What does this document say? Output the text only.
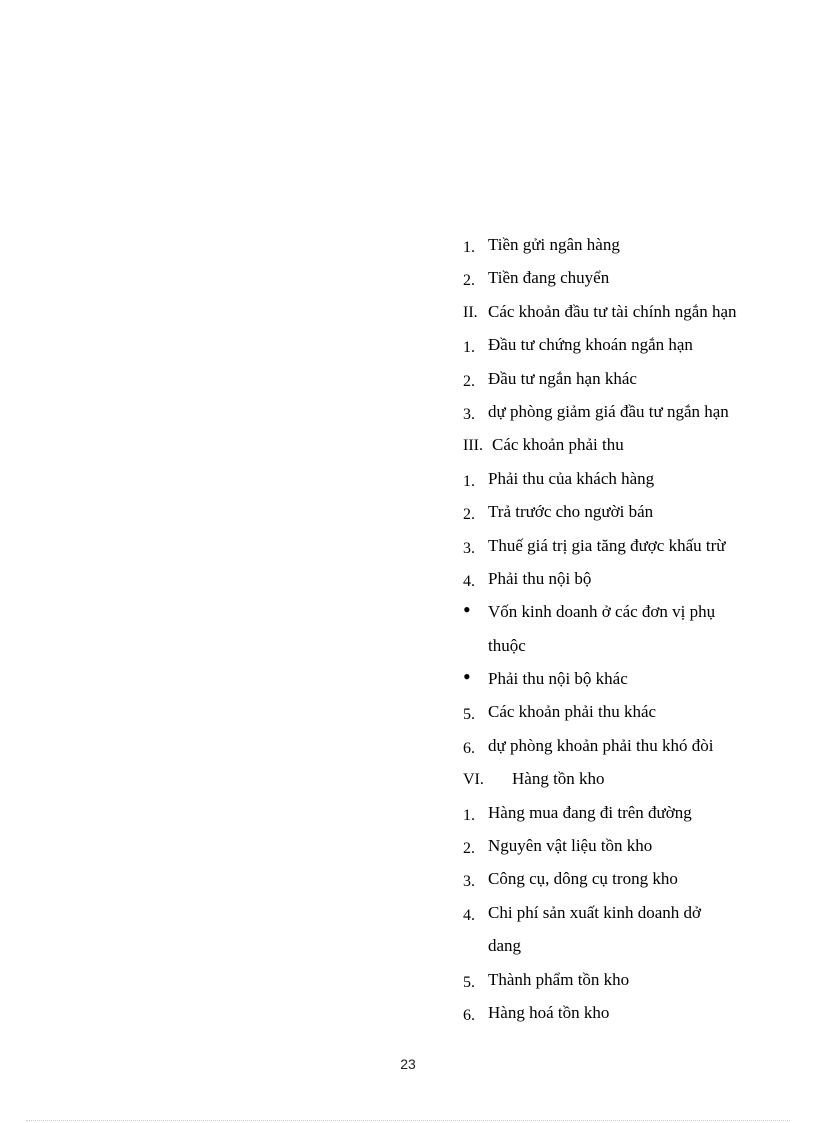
1. Tiền gửi ngân hàng
2. Tiền đang chuyển
II. Các khoản đầu tư tài chính ngắn hạn
1. Đầu tư chứng khoán ngắn hạn
2. Đầu tư ngắn hạn khác
3. dự phòng giảm giá đầu tư ngắn hạn
III. Các khoản phải thu
1. Phải thu của khách hàng
2. Trả trước cho người bán
3. Thuế giá trị gia tăng được khấu trừ
4. Phải thu nội bộ
• Vốn kinh doanh ở các đơn vị phụ
thuộc
• Phải thu nội bộ khác
5. Các khoản phải thu khác
6. dự phòng khoản phải thu khó đòi
VI. Hàng tồn kho
1. Hàng mua đang đi trên đường
2. Nguyên vật liệu tồn kho
3. Công cụ, dông cụ trong kho
4. Chi phí sản xuất kinh doanh dở
dang
5. Thành phẩm tồn kho
6. Hàng hoá tồn kho
23
